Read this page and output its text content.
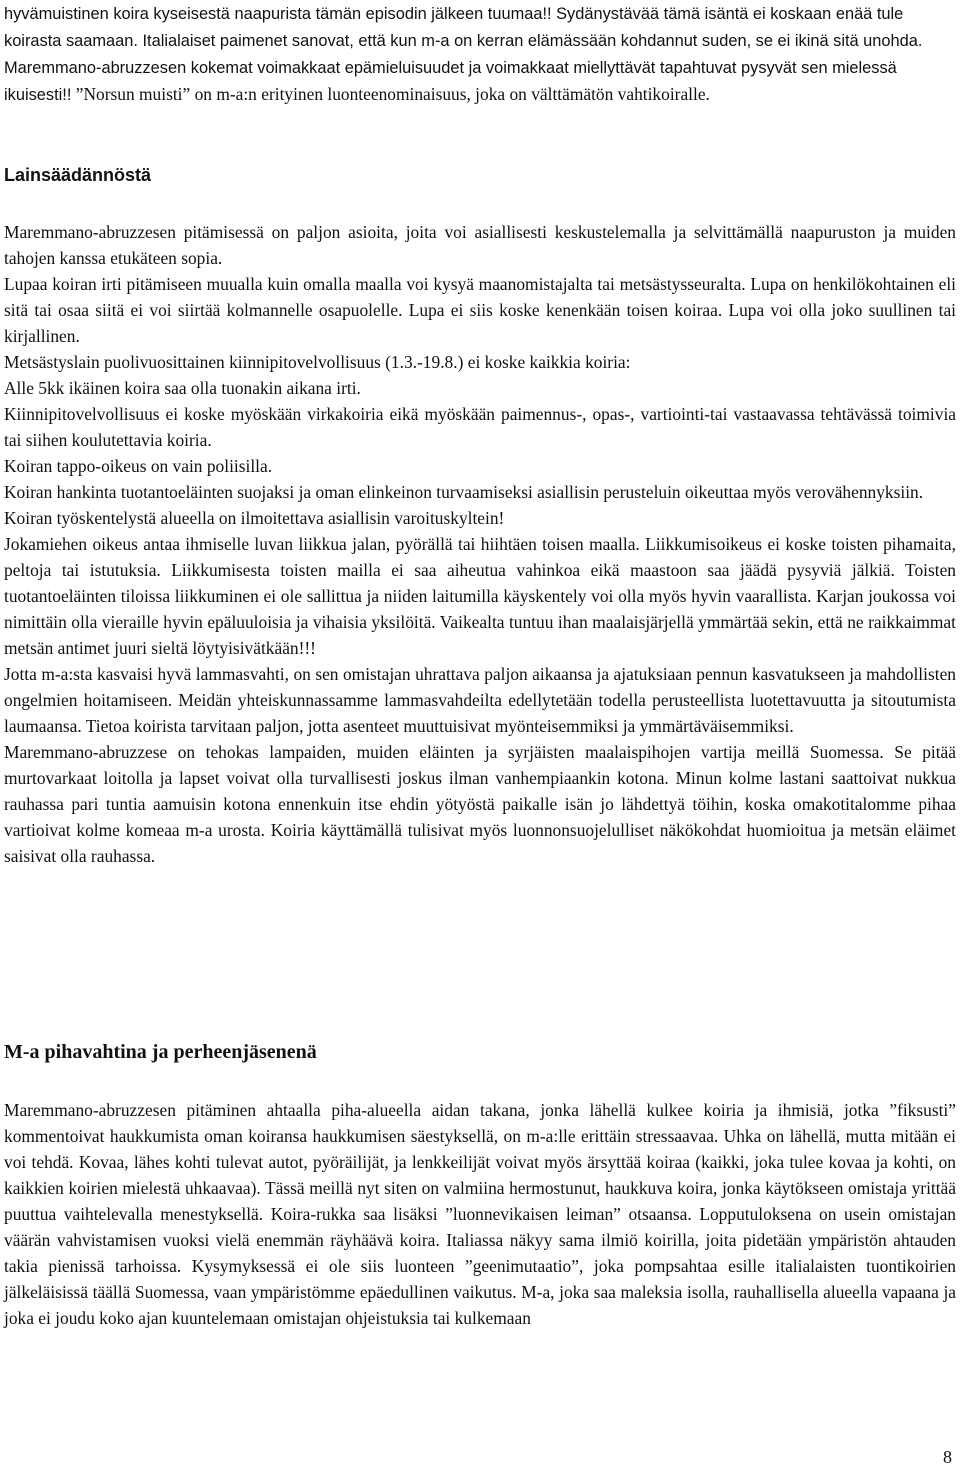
hyvämuistinen koira kyseisestä naapurista tämän episodin jälkeen tuumaa!! Sydänystävää tämä isäntä ei koskaan enää tule koirasta saamaan. Italialaiset paimenet sanovat, että kun m-a on kerran elämässään kohdannut suden, se ei ikinä sitä unohda. Maremmano-abruzzesen kokemat voimakkaat epämieluisuudet ja voimakkaat miellyttävät tapahtuvat pysyvät sen mielessä ikuisesti!! ”Norsun muisti” on m-a:n erityinen luonteenominaisuus, joka on välttämätön vahtikoiralle.

Lainsäädännöstä

Maremmano-abruzzesen pitämisessä on paljon asioita, joita voi asiallisesti keskustelemalla ja selvittämällä naapuruston ja muiden tahojen kanssa etukäteen sopia.

Lupaa koiran irti pitämiseen muualla kuin omalla maalla voi kysyä maanomistajalta tai metsästysseuralta. Lupa on henkilökohtainen eli sitä tai osaa siitä ei voi siirtää kolmannelle osapuolelle. Lupa ei siis koske kenenkään toisen koiraa. Lupa voi olla joko suullinen tai kirjallinen.

Metsästyslain puolivuosittainen kiinnipitovelvollisuus (1.3.-19.8.) ei koske kaikkia koiria:

Alle 5kk ikäinen koira saa olla tuonakin aikana irti.

Kiinnipitovelvollisuus ei koske myöskään virkakoiria eikä myöskään paimennus-, opas-, vartiointi-tai vastaavassa tehtävässä toimivia tai siihen koulutettavia koiria.

Koiran tappo-oikeus on vain poliisilla.

Koiran hankinta tuotantoeläinten suojaksi ja oman elinkeinon turvaamiseksi asiallisin perusteluin oikeuttaa myös verovähennyksiin.

Koiran työskentelystä alueella on ilmoitettava asiallisin varoituskyltein!

Jokamiehen oikeus antaa ihmiselle luvan liikkua jalan, pyörällä tai hiihtäen toisen maalla. Liikkumisoikeus ei koske toisten pihamaita, peltoja tai istutuksia. Liikkumisesta toisten mailla ei saa aiheutua vahinkoa eikä maastoon saa jäädä pysyviä jälkiä. Toisten tuotantoeläinten tiloissa liikkuminen ei ole sallittua ja niiden laitumilla käyskentely voi olla myös hyvin vaarallista. Karjan joukossa voi nimittäin olla vieraille hyvin epäluuloisia ja vihaisia yksilöitä. Vaikealta tuntuu ihan maalaisjärjellä ymmärtää sekin, että ne raikkaimmat metsän antimet juuri sieltä löytyisivätkään!!!

Jotta m-a:sta kasvaisi hyvä lammasvahti, on sen omistajan uhrattava paljon aikaansa ja ajatuksiaan pennun kasvatukseen ja mahdollisten ongelmien hoitamiseen. Meidän yhteiskunnassamme lammasvahdeilta edellytetään todella perusteellista luotettavuutta ja sitoutumista laumaansa. Tietoa koirista tarvitaan paljon, jotta asenteet muuttuisivat myönteisemmiksi ja ymmärtäväisemmiksi.

Maremmano-abruzzese on tehokas lampaiden, muiden eläinten ja syrjäisten maalaispihojen vartija meillä Suomessa. Se pitää murtovarkaat loitolla ja lapset voivat olla turvallisesti joskus ilman vanhempiaankin kotona. Minun kolme lastani saattoivat nukkua rauhassa pari tuntia aamuisin kotona ennenkuin itse ehdin yötyöstä paikalle isän jo lähdettyä töihin, koska omakotitalomme pihaa vartioivat kolme komeaa m-a urosta. Koiria käyttämällä tulisivat myös luonnonsuojelulliset näkökohdat huomioitua ja metsän eläimet saisivat olla rauhassa.

M-a pihavahtina ja perheenjäsenenä

Maremmano-abruzzesen pitäminen ahtaalla piha-alueella aidan takana, jonka lähellä kulkee koiria ja ihmisiä, jotka ”fiksusti” kommentoivat haukkumista oman koiransa haukkumisen säestyksellä, on m-a:lle erittäin stressaavaa. Uhka on lähellä, mutta mitään ei voi tehdä. Kovaa, lähes kohti tulevat autot, pyöräilijät, ja lenkkeilijät voivat myös ärsyttää koiraa (kaikki, joka tulee kovaa ja kohti, on kaikkien koirien mielestä uhkaavaa). Tässä meillä nyt siten on valmiina hermostunut, haukkuva koira, jonka käytökseen omistaja yrittää puuttua vaihtelevalla menestyksellä. Koira-rukka saa lisäksi ”luonnevikaisen leiman” otsaansa. Lopputuloksena on usein omistajan väärän vahvistamisen vuoksi vielä enemmän räyhäävä koira. Italiassa näkyy sama ilmiö koirilla, joita pidetään ympäristön ahtauden takia pienissä tarhoissa. Kysymyksessä ei ole siis luonteen ”geenimutaatio”, joka pompsahtaa esille italialaisten tuontikoirien jälkeläisissä täällä Suomessa, vaan ympäristömme epäedullinen vaikutus. M-a, joka saa maleksia isolla, rauhallisella alueella vapaana ja joka ei joudu koko ajan kuuntelemaan omistajan ohjeistuksia tai kulkemaan

8
